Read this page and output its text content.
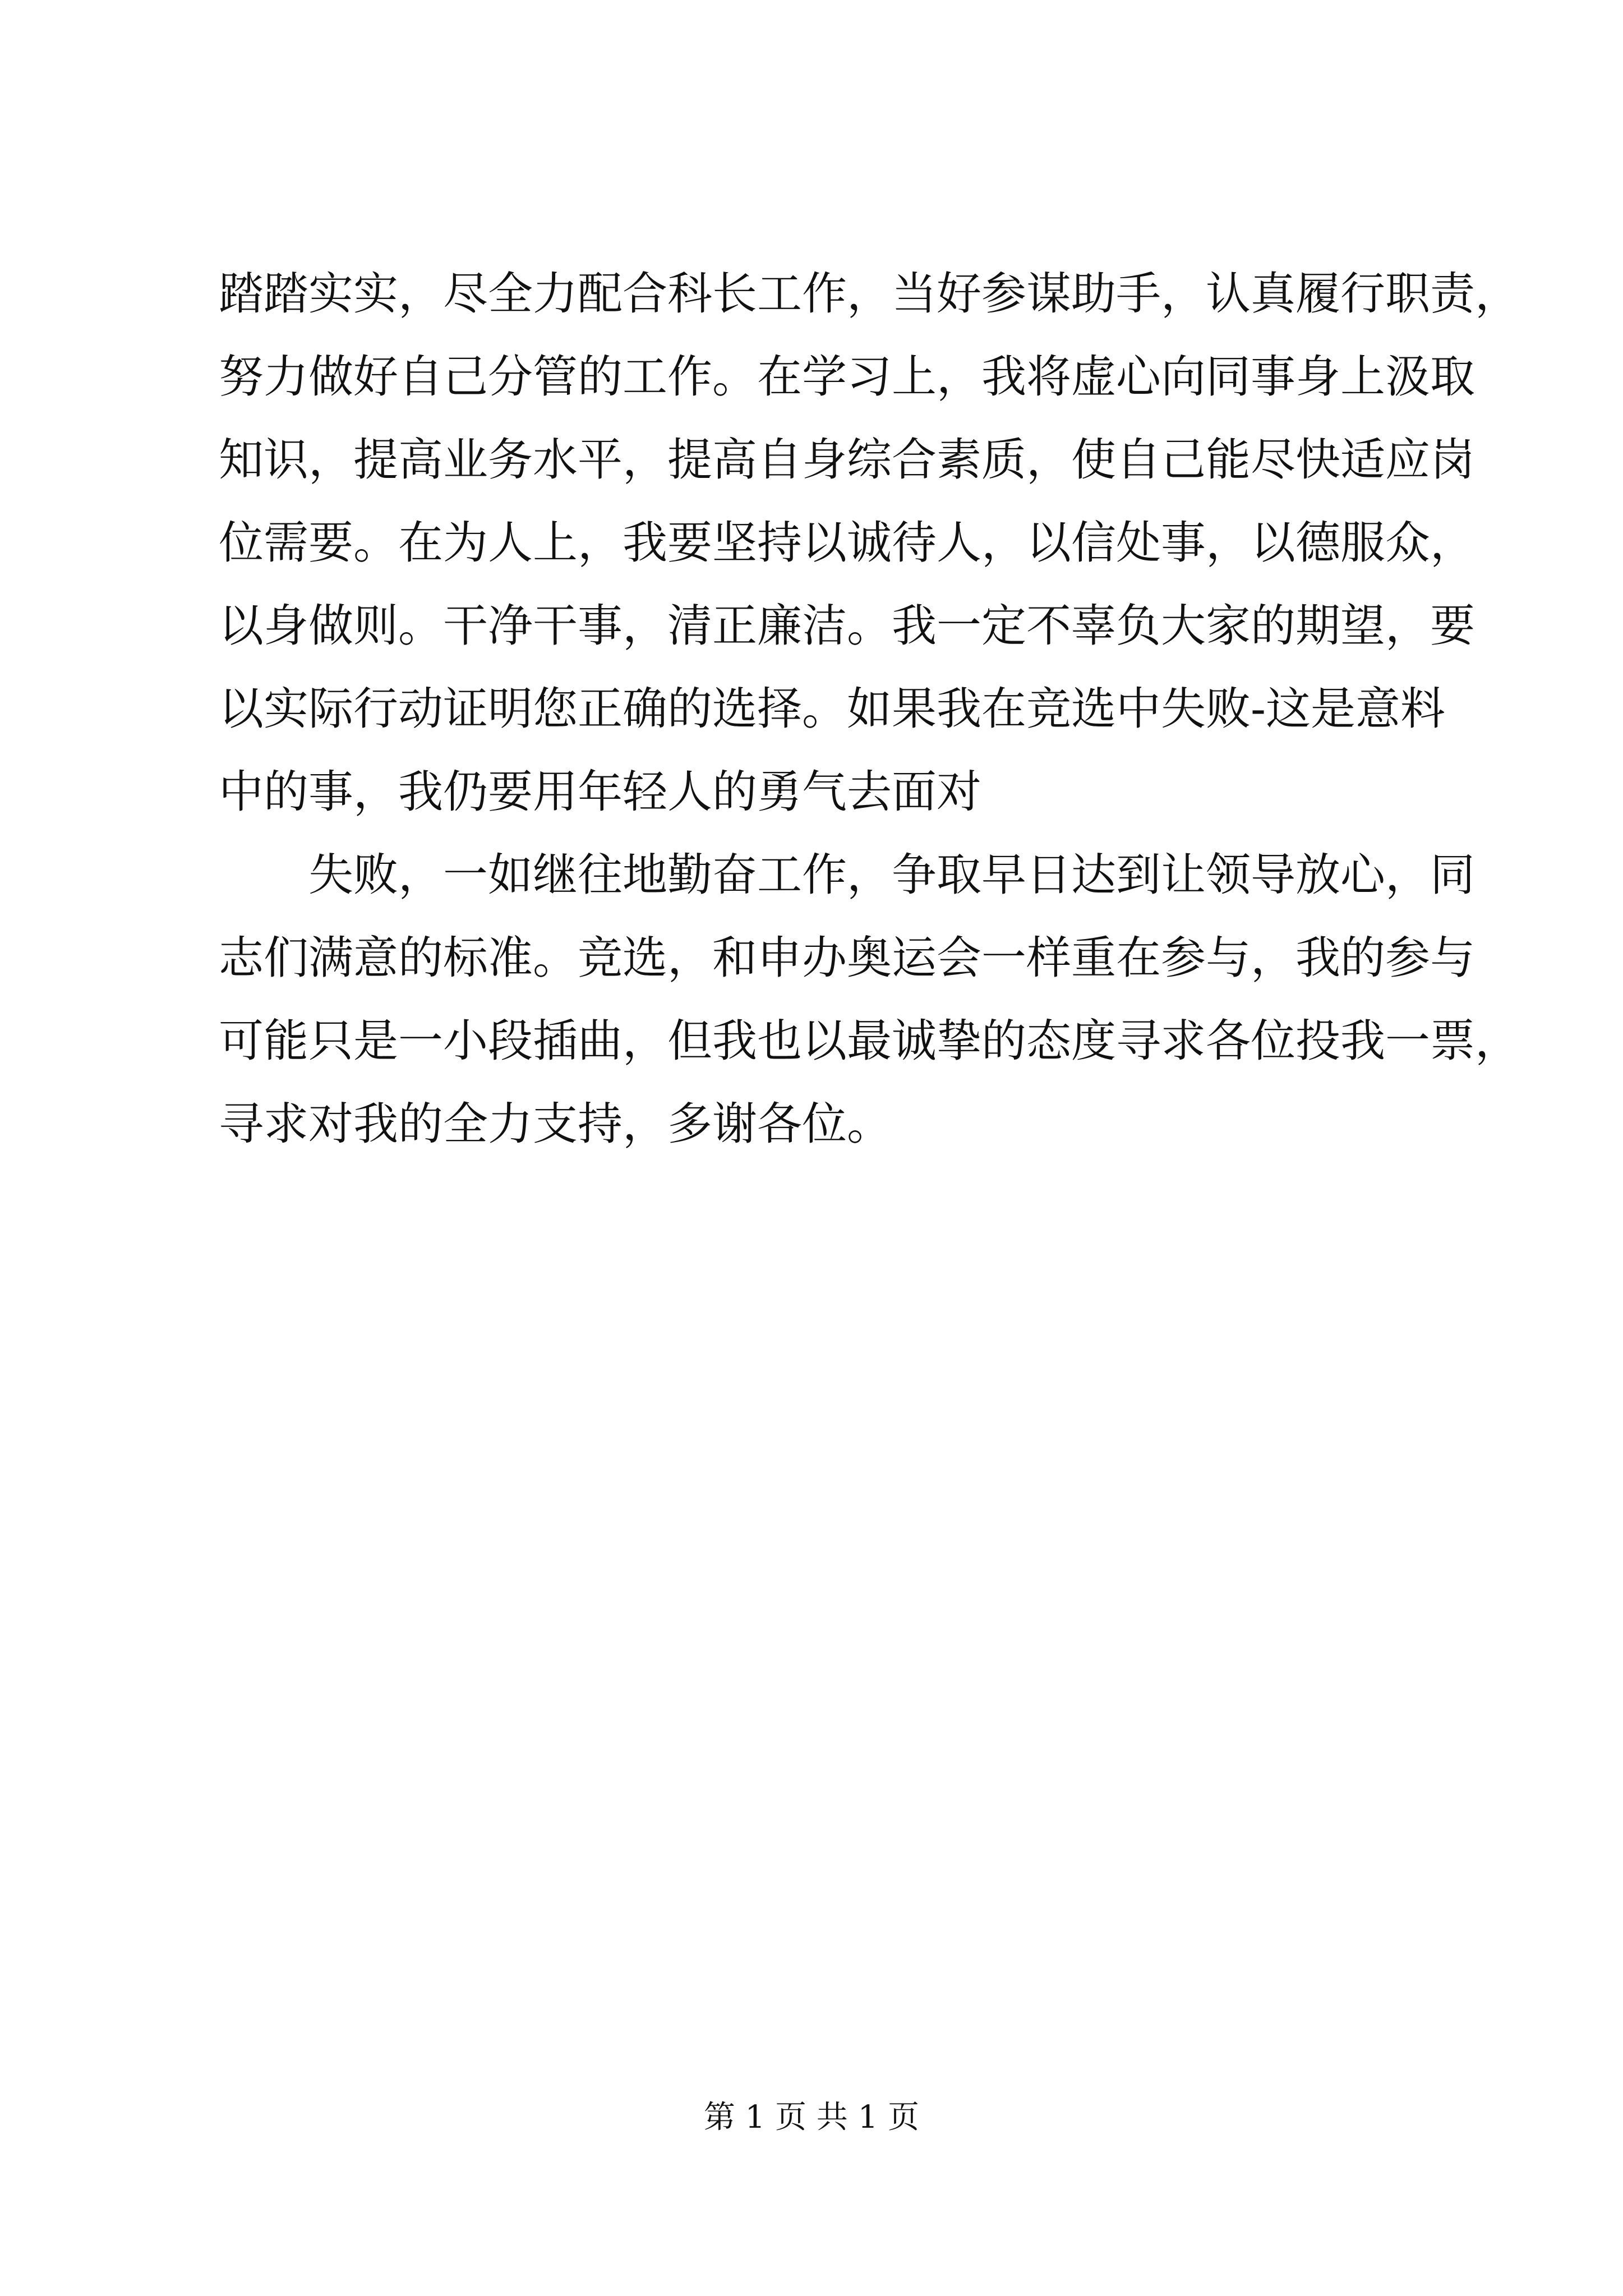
踏踏实实，尽全力配合科长工作，当好参谋助手，认真履行职责，
努力做好自己分管的工作。在学习上，我将虚心向同事身上汲取
知识，提高业务水平，提高自身综合素质，使自己能尽快适应岗
位需要。在为人上，我要坚持以诚待人，以信处事，以德服众，
以身做则。干净干事，清正廉洁。我一定不辜负大家的期望，要
以实际行动证明您正确的选择。如果我在竞选中失败-这是意料
中的事，我仍要用年轻人的勇气去面对
失败，一如继往地勤奋工作，争取早日达到让领导放心，同
志们满意的标准。竞选，和申办奥运会一样重在参与，我的参与
可能只是一小段插曲，但我也以最诚挚的态度寻求各位投我一票，
寻求对我的全力支持，多谢各位。
第 1 页 共 1 页
